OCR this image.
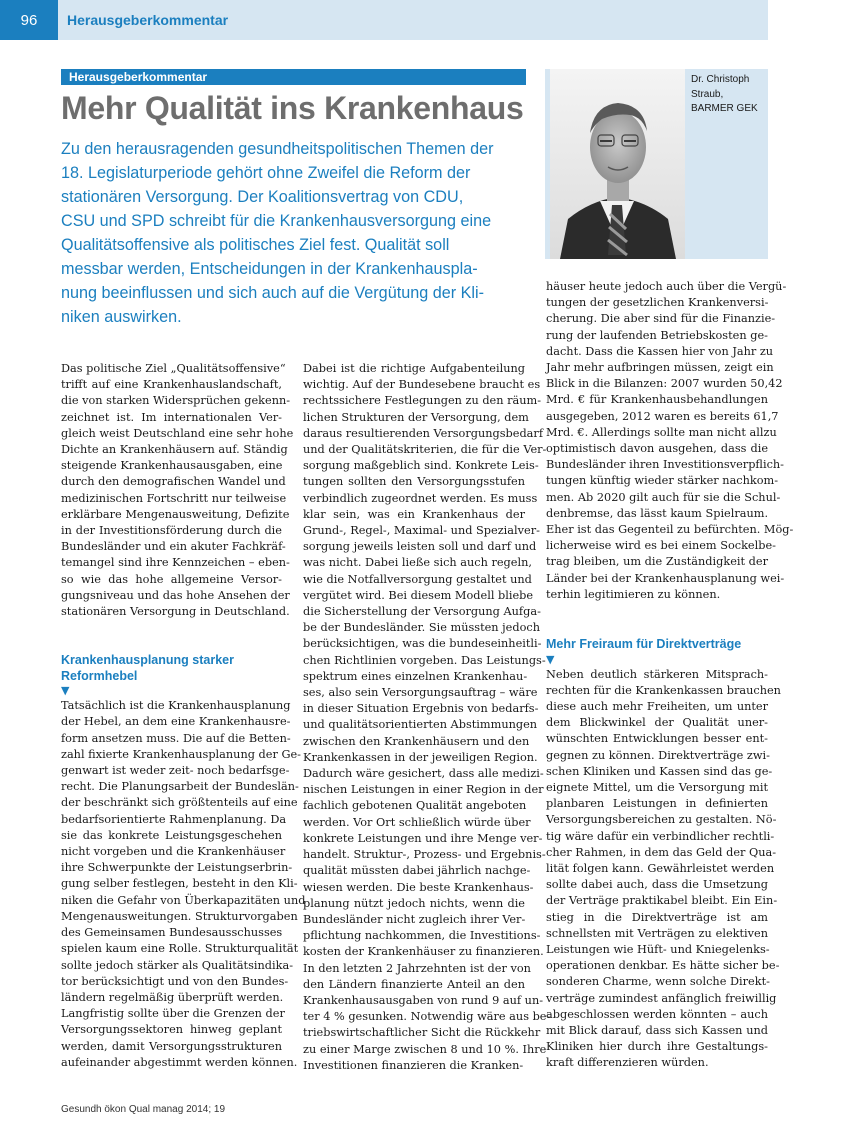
96	Herausgeberkommentar
Herausgeberkommentar
Mehr Qualität ins Krankenhaus
Zu den herausragenden gesundheitspolitischen Themen der
18. Legislaturperiode gehört ohne Zweifel die Reform der
stationären Versorgung. Der Koalitionsvertrag von CDU,
CSU und SPD schreibt für die Krankenhausversorgung eine
Qualitätsoffensive als politisches Ziel fest. Qualität soll
messbar werden, Entscheidungen in der Krankenhauspla-
nung beeinflussen und sich auch auf die Vergütung der Kli-
niken auswirken.
Dr. Christoph Straub, BARMER GEK
Das politische Ziel „Qualitätsoffensive“
trifft auf eine Krankenhauslandschaft,
die von starken Widersprüchen gekenn-
zeichnet ist. Im internationalen Ver-
gleich weist Deutschland eine sehr hohe
Dichte an Krankenhäusern auf. Ständig
steigende Krankenhausausgaben, eine
durch den demografischen Wandel und
medizinischen Fortschritt nur teilweise
erklärbare Mengenausweitung, Defizite
in der Investitionsförderung durch die
Bundesländer und ein akuter Fachkräf-
temangel sind ihre Kennzeichen – eben-
so wie das hohe allgemeine Versor-
gungsniveau und das hohe Ansehen der
stationären Versorgung in Deutschland.
Krankenhausplanung starker
Reformhebel
▼
Tatsächlich ist die Krankenhausplanung
der Hebel, an dem eine Krankenhausre-
form ansetzen muss. Die auf die Betten-
zahl fixierte Krankenhausplanung der Ge-
genwart ist weder zeit- noch bedarfsge-
recht. Die Planungsarbeit der Bundeslän-
der beschränkt sich größtenteils auf eine
bedarfsorientierte Rahmenplanung. Da
sie das konkrete Leistungsgeschehen
nicht vorgeben und die Krankenhäuser
ihre Schwerpunkte der Leistungserbrin-
gung selber festlegen, besteht in den Kli-
niken die Gefahr von Überkapazitäten und
Mengenausweitungen. Strukturvorgaben
des Gemeinsamen Bundesausschusses
spielen kaum eine Rolle. Strukturqualität
sollte jedoch stärker als Qualitätsindika-
tor berücksichtigt und von den Bundes-
ländern regelmäßig überprüft werden.
Langfristig sollte über die Grenzen der
Versorgungssektoren hinweg geplant
werden, damit Versorgungsstrukturen
aufeinander abgestimmt werden können.
Dabei ist die richtige Aufgabenteilung
wichtig. Auf der Bundesebene braucht es
rechtssichere Festlegungen zu den räum-
lichen Strukturen der Versorgung, dem
daraus resultierenden Versorgungsbedarf
und der Qualitätskriterien, die für die Ver-
sorgung maßgeblich sind. Konkrete Leis-
tungen sollten den Versorgungsstufen
verbindlich zugeordnet werden. Es muss
klar sein, was ein Krankenhaus der
Grund-, Regel-, Maximal- und Spezialver-
sorgung jeweils leisten soll und darf und
was nicht. Dabei ließe sich auch regeln,
wie die Notfallversorgung gestaltet und
vergütet wird. Bei diesem Modell bliebe
die Sicherstellung der Versorgung Aufga-
be der Bundesländer. Sie müssten jedoch
berücksichtigen, was die bundeseinheitli-
chen Richtlinien vorgeben. Das Leistungs-
spektrum eines einzelnen Krankenhau-
ses, also sein Versorgungsauftrag – wäre
in dieser Situation Ergebnis von bedarfs-
und qualitätsorientierten Abstimmungen
zwischen den Krankenhäusern und den
Krankenkassen in der jeweiligen Region.
Dadurch wäre gesichert, dass alle medizi-
nischen Leistungen in einer Region in der
fachlich gebotenen Qualität angeboten
werden. Vor Ort schließlich würde über
konkrete Leistungen und ihre Menge ver-
handelt. Struktur-, Prozess- und Ergebnis-
qualität müssten dabei jährlich nachge-
wiesen werden. Die beste Krankenhaus-
planung nützt jedoch nichts, wenn die
Bundesländer nicht zugleich ihrer Ver-
pflichtung nachkommen, die Investitions-
kosten der Krankenhäuser zu finanzieren.
In den letzten 2 Jahrzehnten ist der von
den Ländern finanzierte Anteil an den
Krankenhausausgaben von rund 9 auf un-
ter 4 % gesunken. Notwendig wäre aus be-
triebswirtschaftlicher Sicht die Rückkehr
zu einer Marge zwischen 8 und 10 %. Ihre
Investitionen finanzieren die Kranken-
häuser heute jedoch auch über die Vergü-
tungen der gesetzlichen Krankenversi-
cherung. Die aber sind für die Finanzie-
rung der laufenden Betriebskosten ge-
dacht. Dass die Kassen hier von Jahr zu
Jahr mehr aufbringen müssen, zeigt ein
Blick in die Bilanzen: 2007 wurden 50,42
Mrd. € für Krankenhausbehandlungen
ausgegeben, 2012 waren es bereits 61,7
Mrd. €. Allerdings sollte man nicht allzu
optimistisch davon ausgehen, dass die
Bundesländer ihren Investitionsverpflich-
tungen künftig wieder stärker nachkom-
men. Ab 2020 gilt auch für sie die Schul-
denbremse, das lässt kaum Spielraum.
Eher ist das Gegenteil zu befürchten. Mög-
licherweise wird es bei einem Sockelbe-
trag bleiben, um die Zuständigkeit der
Länder bei der Krankenhausplanung wei-
terhin legitimieren zu können.
Mehr Freiraum für Direktverträge
▼
Neben deutlich stärkeren Mitsprach-
rechten für die Krankenkassen brauchen
diese auch mehr Freiheiten, um unter
dem Blickwinkel der Qualität uner-
wünschten Entwicklungen besser ent-
gegnen zu können. Direktverträge zwi-
schen Kliniken und Kassen sind das ge-
eignete Mittel, um die Versorgung mit
planbaren Leistungen in definierten
Versorgungsbereichen zu gestalten. Nö-
tig wäre dafür ein verbindlicher rechtli-
cher Rahmen, in dem das Geld der Qua-
lität folgen kann. Gewährleistet werden
sollte dabei auch, dass die Umsetzung
der Verträge praktikabel bleibt. Ein Ein-
stieg in die Direktverträge ist am
schnellsten mit Verträgen zu elektiven
Leistungen wie Hüft- und Kniegelenks-
operationen denkbar. Es hätte sicher be-
sonderen Charme, wenn solche Direkt-
verträge zumindest anfänglich freiwillig
abgeschlossen werden könnten – auch
mit Blick darauf, dass sich Kassen und
Kliniken hier durch ihre Gestaltungs-
kraft differenzieren würden.
Gesundh ökon Qual manag 2014; 19
